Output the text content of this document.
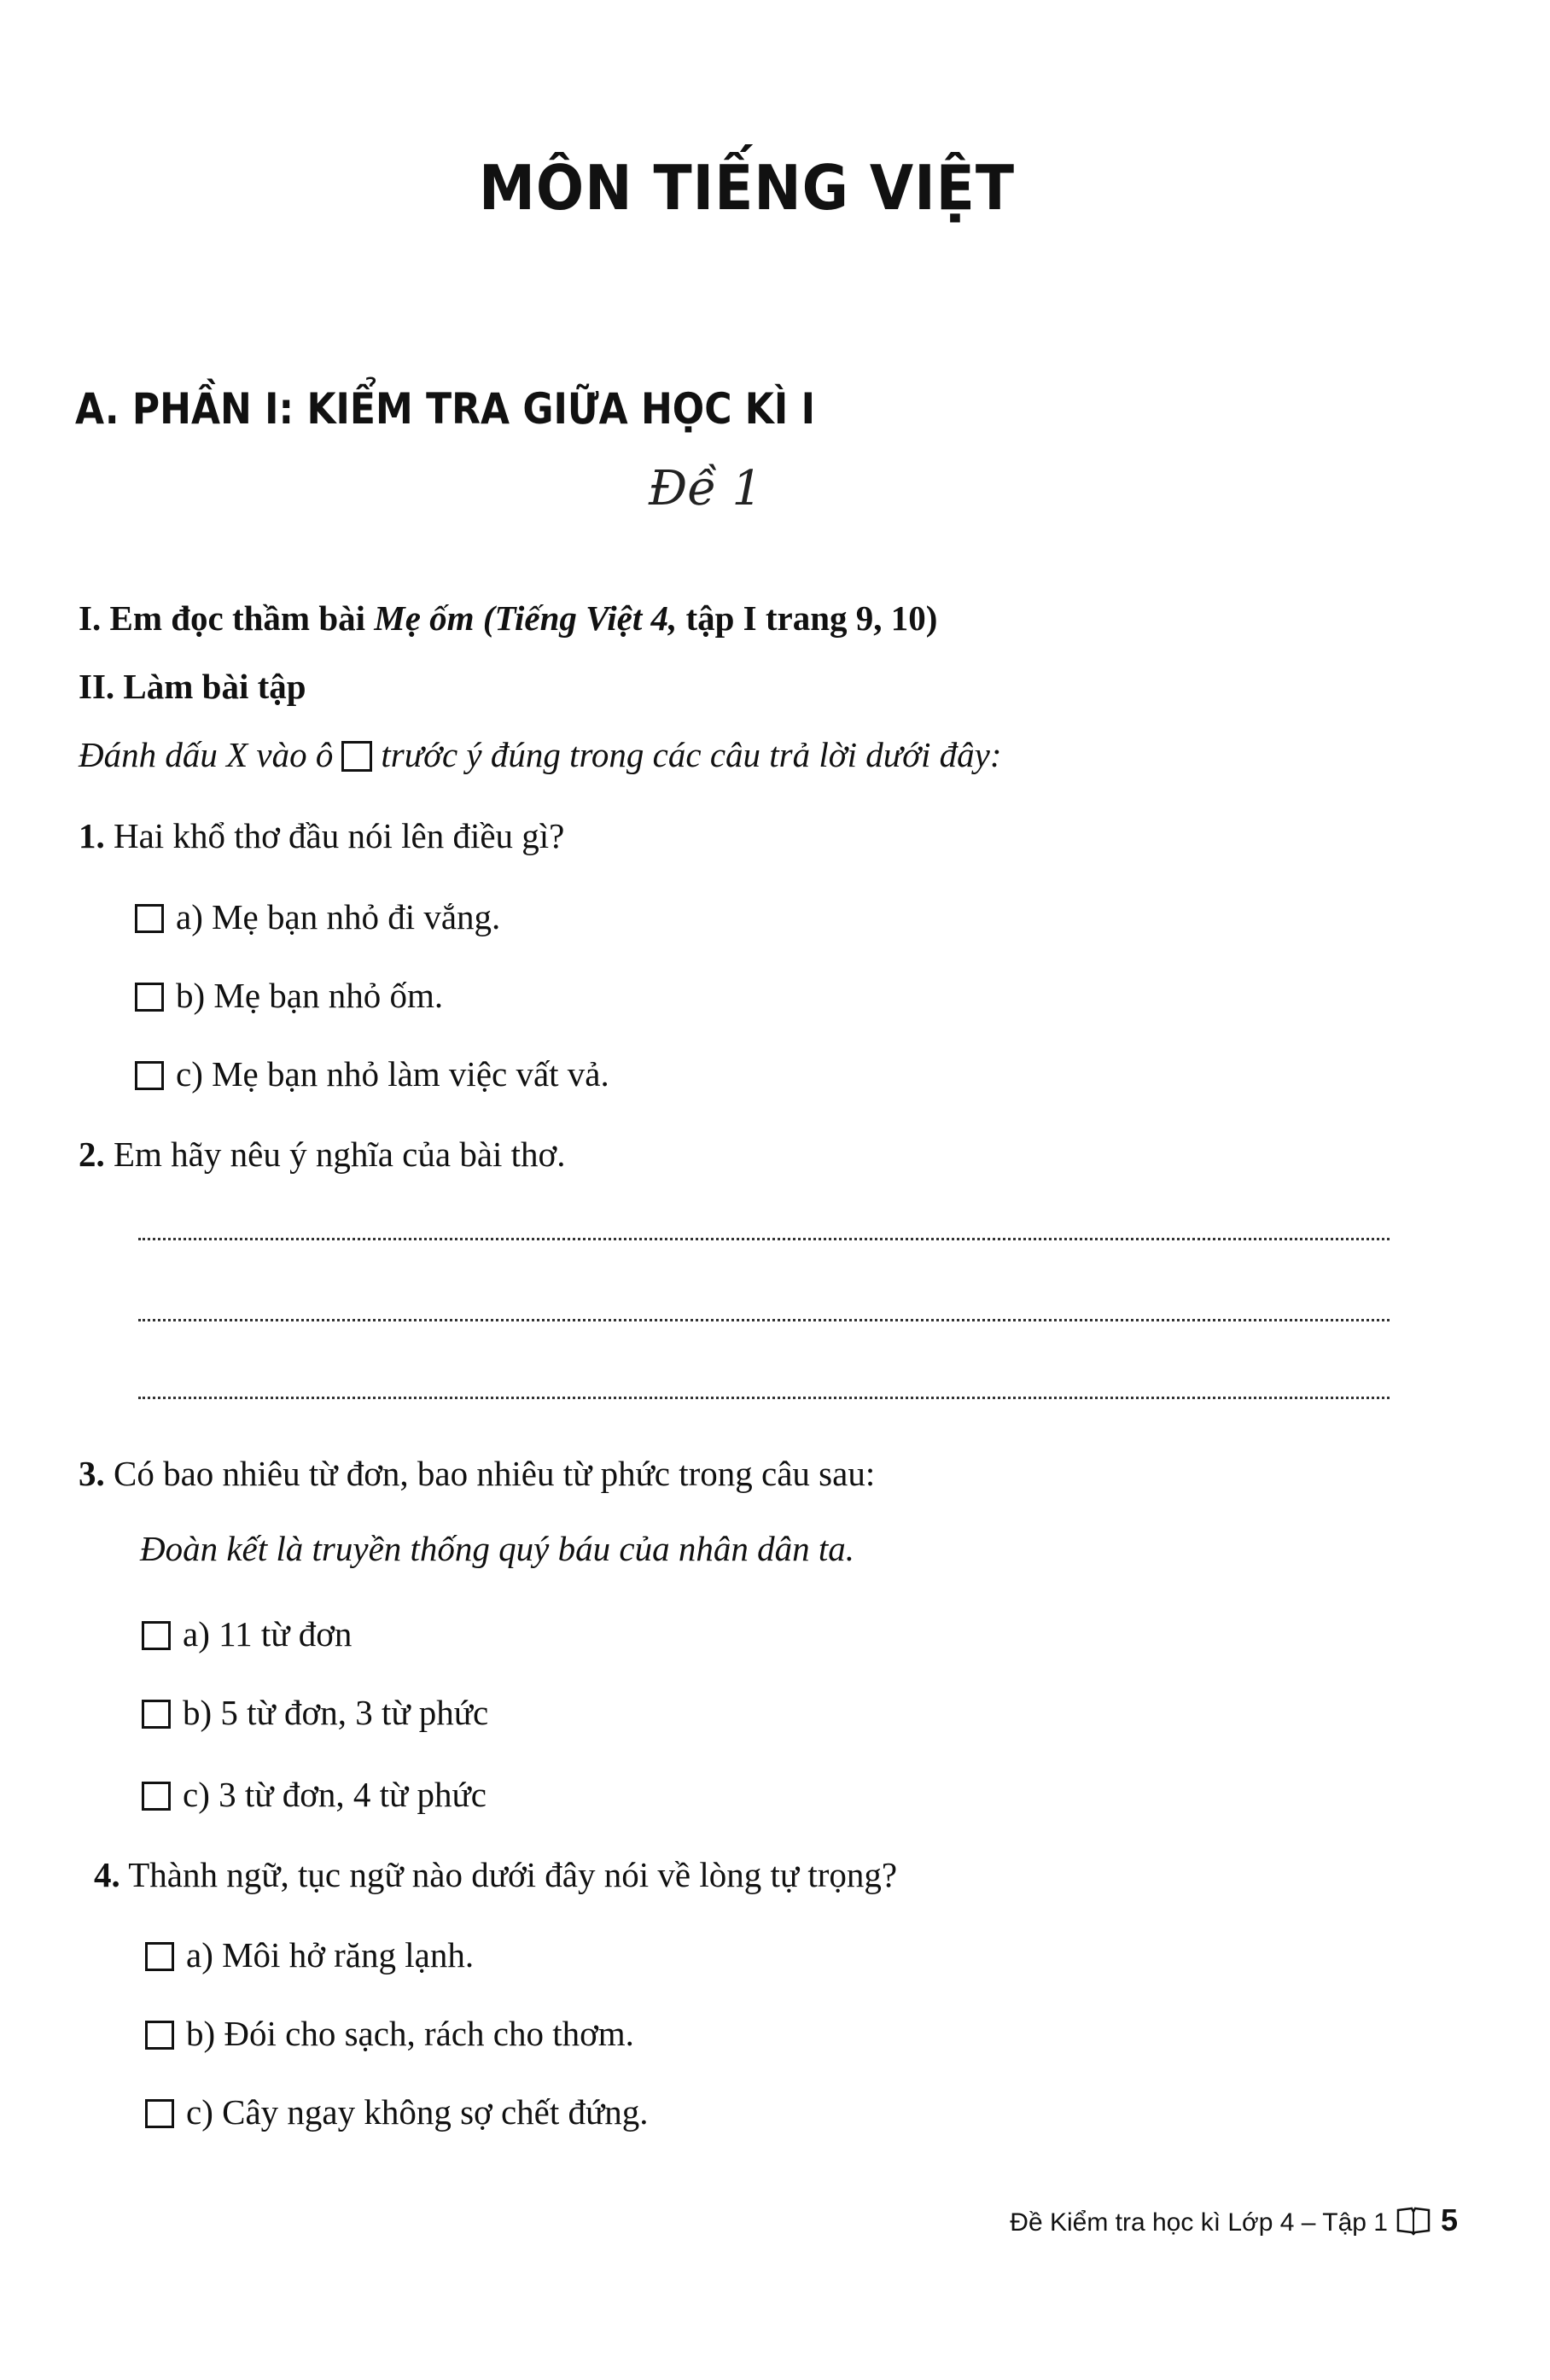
MÔN TIẾNG VIỆT
A. PHẦN I: KIỂM TRA GIỮA HỌC KÌ I
Đề 1
I. Em đọc thầm bài Mẹ ốm (Tiếng Việt 4, tập I trang 9, 10)
II. Làm bài tập
Đánh dấu X vào ô trước ý đúng trong các câu trả lời dưới đây:
1. Hai khổ thơ đầu nói lên điều gì?
a) Mẹ bạn nhỏ đi vắng.
b) Mẹ bạn nhỏ ốm.
c) Mẹ bạn nhỏ làm việc vất vả.
2. Em hãy nêu ý nghĩa của bài thơ.
3. Có bao nhiêu từ đơn, bao nhiêu từ phức trong câu sau:
Đoàn kết là truyền thống quý báu của nhân dân ta.
a) 11 từ đơn
b) 5 từ đơn, 3 từ phức
c) 3 từ đơn, 4 từ phức
4. Thành ngữ, tục ngữ nào dưới đây nói về lòng tự trọng?
a) Môi hở răng lạnh.
b) Đói cho sạch, rách cho thơm.
c) Cây ngay không sợ chết đứng.
Đề Kiểm tra học kì Lớp 4 – Tập 1 5
